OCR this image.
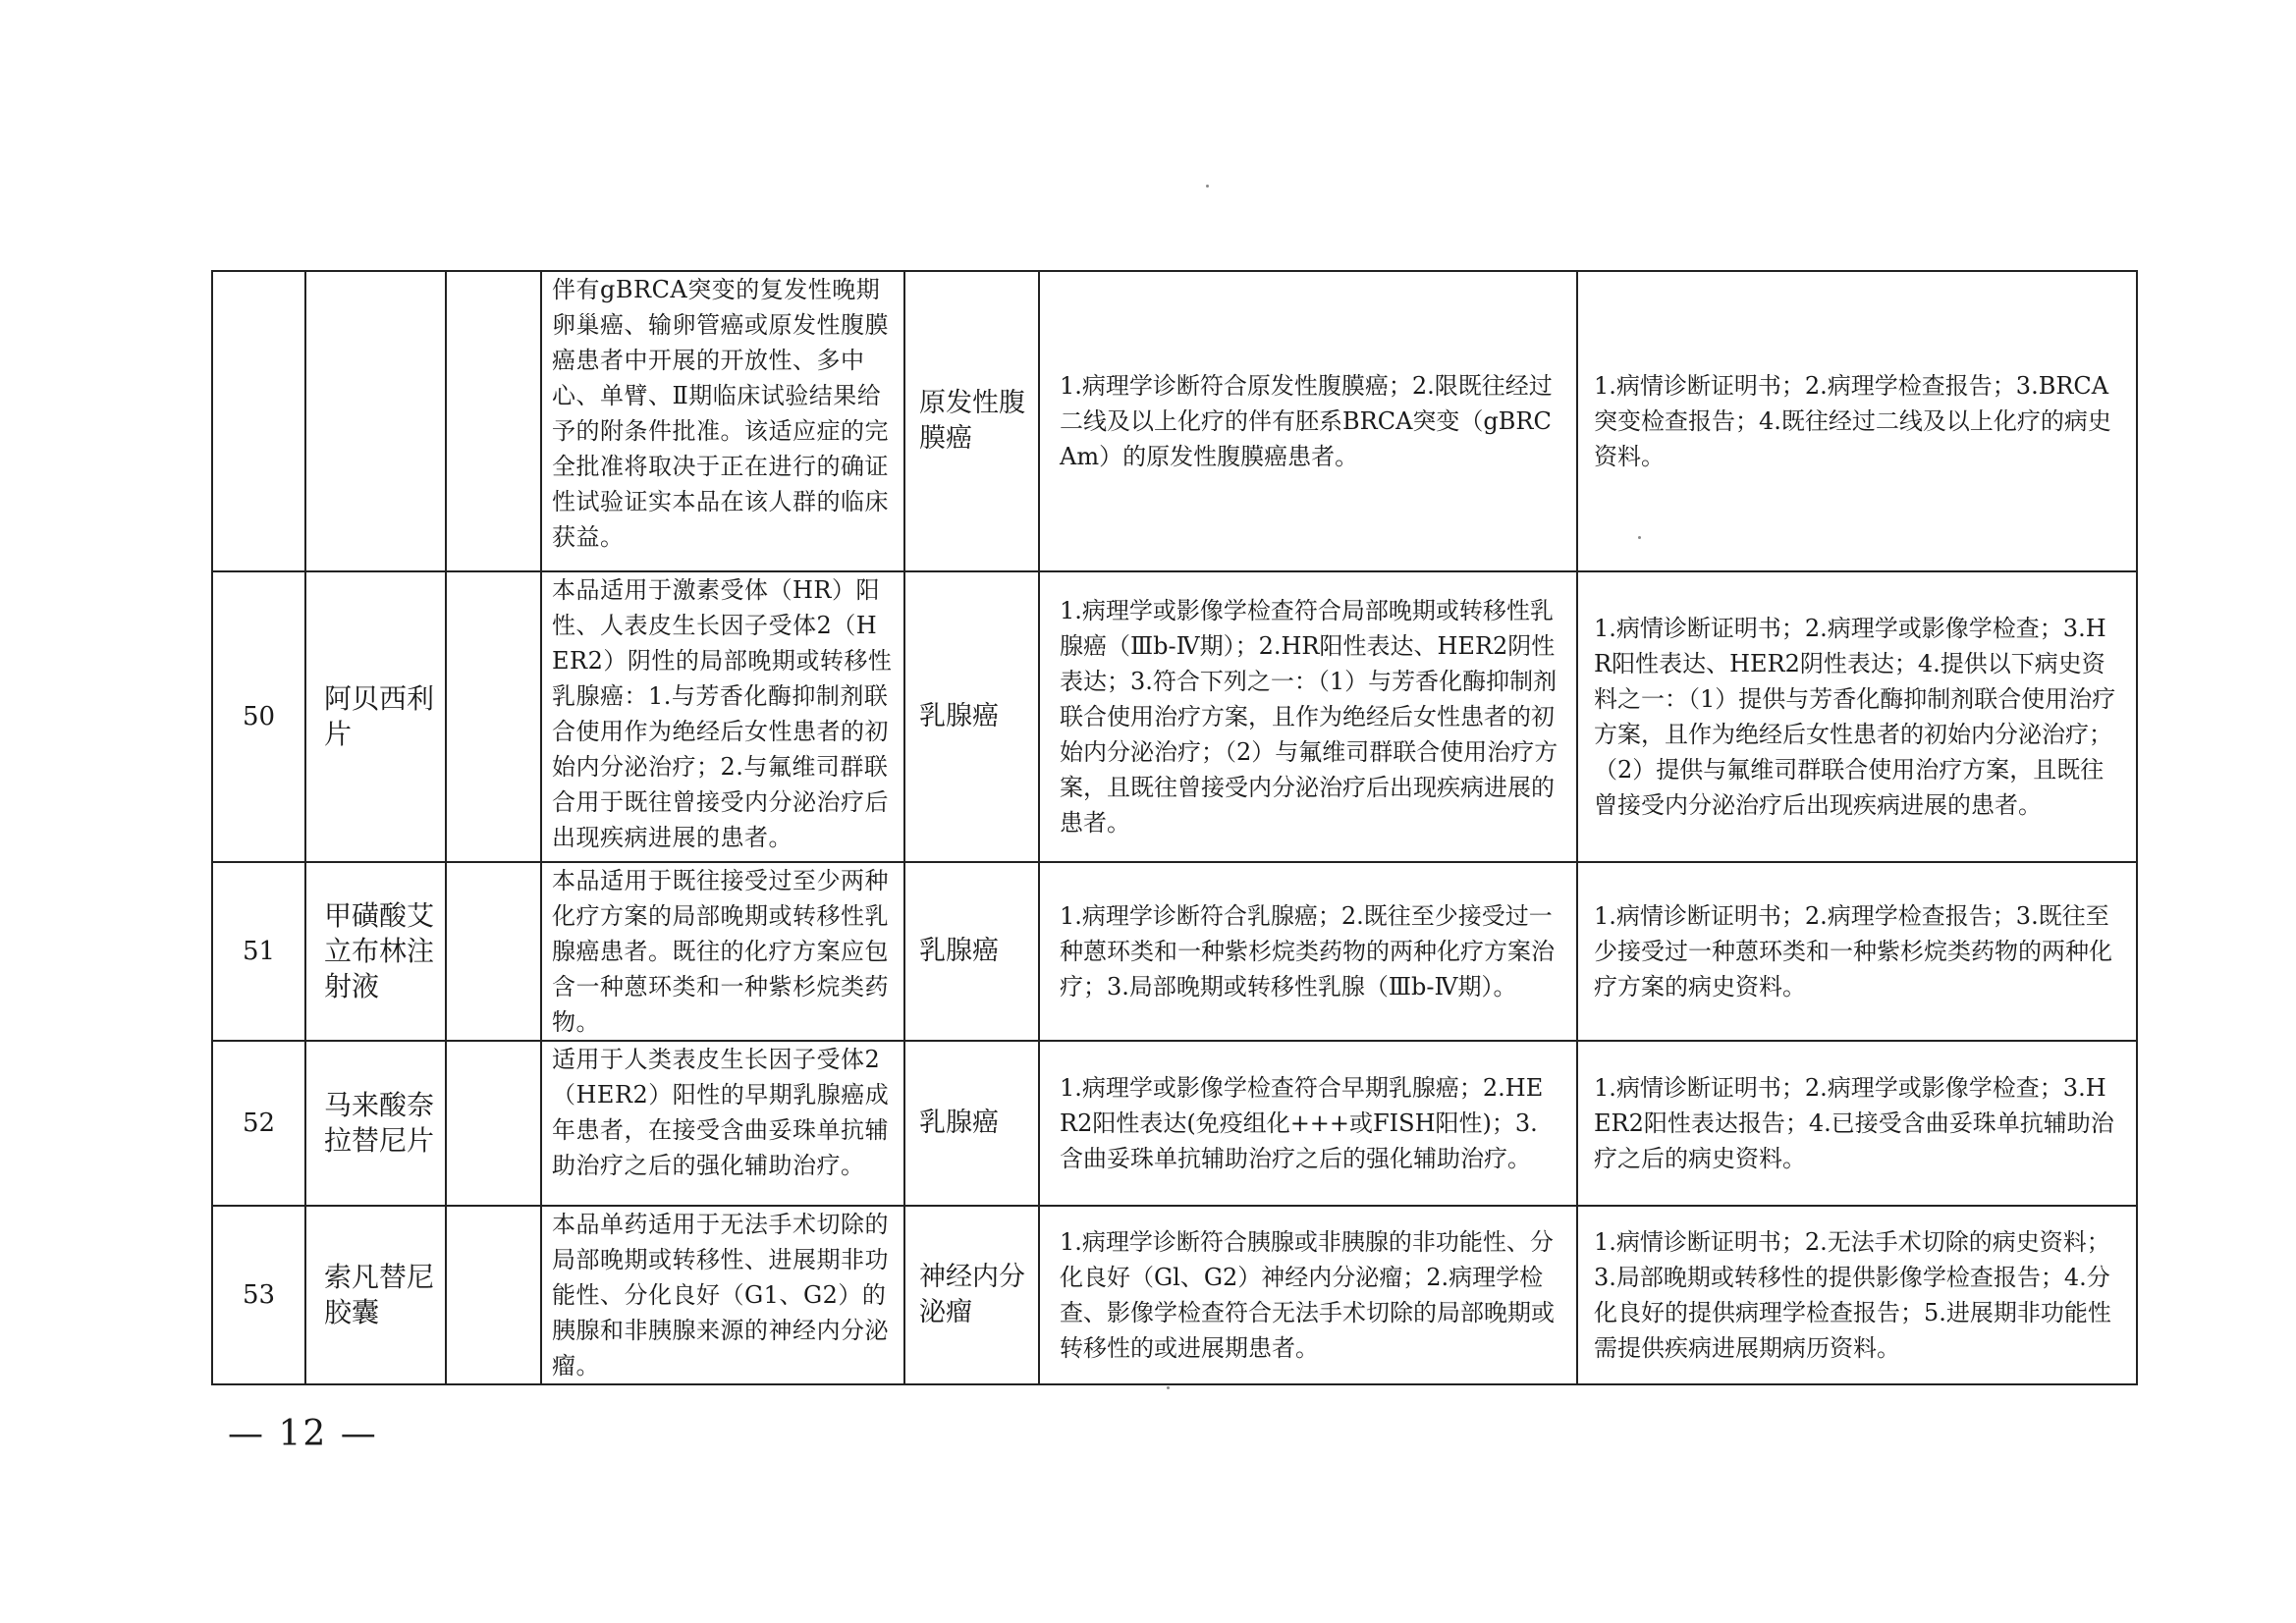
			伴有gBRCA突变的复发性晚期卵巢癌、输卵管癌或原发性腹膜癌患者中开展的开放性、多中心、单臂、Ⅱ期临床试验结果给予的附条件批准。该适应症的完全批准将取决于正在进行的确证性试验证实本品在该人群的临床获益。	原发性腹膜癌	1.病理学诊断符合原发性腹膜癌；2.限既往经过二线及以上化疗的伴有胚系BRCA突变（gBRCAm）的原发性腹膜癌患者。	1.病情诊断证明书；2.病理学检查报告；3.BRCA突变检查报告；4.既往经过二线及以上化疗的病史资料。
50	阿贝西利片		本品适用于激素受体（HR）阳性、人表皮生长因子受体2（HER2）阴性的局部晚期或转移性乳腺癌：1.与芳香化酶抑制剂联合使用作为绝经后女性患者的初始内分泌治疗；2.与氟维司群联合用于既往曾接受内分泌治疗后出现疾病进展的患者。	乳腺癌	1.病理学或影像学检查符合局部晚期或转移性乳腺癌（Ⅲb-Ⅳ期）；2.HR阳性表达、HER2阴性表达；3.符合下列之一：（1）与芳香化酶抑制剂联合使用治疗方案，且作为绝经后女性患者的初始内分泌治疗；（2）与氟维司群联合使用治疗方案，且既往曾接受内分泌治疗后出现疾病进展的患者。	1.病情诊断证明书；2.病理学或影像学检查；3.HR阳性表达、HER2阴性表达；4.提供以下病史资料之一：（1）提供与芳香化酶抑制剂联合使用治疗方案，且作为绝经后女性患者的初始内分泌治疗；（2）提供与氟维司群联合使用治疗方案，且既往曾接受内分泌治疗后出现疾病进展的患者。
51	甲磺酸艾立布林注射液		本品适用于既往接受过至少两种化疗方案的局部晚期或转移性乳腺癌患者。既往的化疗方案应包含一种蒽环类和一种紫杉烷类药物。	乳腺癌	1.病理学诊断符合乳腺癌；2.既往至少接受过一种蒽环类和一种紫杉烷类药物的两种化疗方案治疗；3.局部晚期或转移性乳腺（Ⅲb-Ⅳ期）。	1.病情诊断证明书；2.病理学检查报告；3.既往至少接受过一种蒽环类和一种紫杉烷类药物的两种化疗方案的病史资料。
52	马来酸奈拉替尼片		适用于人类表皮生长因子受体2（HER2）阳性的早期乳腺癌成年患者，在接受含曲妥珠单抗辅助治疗之后的强化辅助治疗。	乳腺癌	1.病理学或影像学检查符合早期乳腺癌；2.HER2阳性表达(免疫组化+++或FISH阳性)；3.含曲妥珠单抗辅助治疗之后的强化辅助治疗。	1.病情诊断证明书；2.病理学或影像学检查；3.HER2阳性表达报告；4.已接受含曲妥珠单抗辅助治疗之后的病史资料。
53	索凡替尼胶囊		本品单药适用于无法手术切除的局部晚期或转移性、进展期非功能性、分化良好（G1、G2）的胰腺和非胰腺来源的神经内分泌瘤。	神经内分泌瘤	1.病理学诊断符合胰腺或非胰腺的非功能性、分化良好（Gl、G2）神经内分泌瘤；2.病理学检查、影像学检查符合无法手术切除的局部晚期或转移性的或进展期患者。	1.病情诊断证明书；2.无法手术切除的病史资料；3.局部晚期或转移性的提供影像学检查报告；4.分化良好的提供病理学检查报告；5.进展期非功能性需提供疾病进展期病历资料。
— 12 —
